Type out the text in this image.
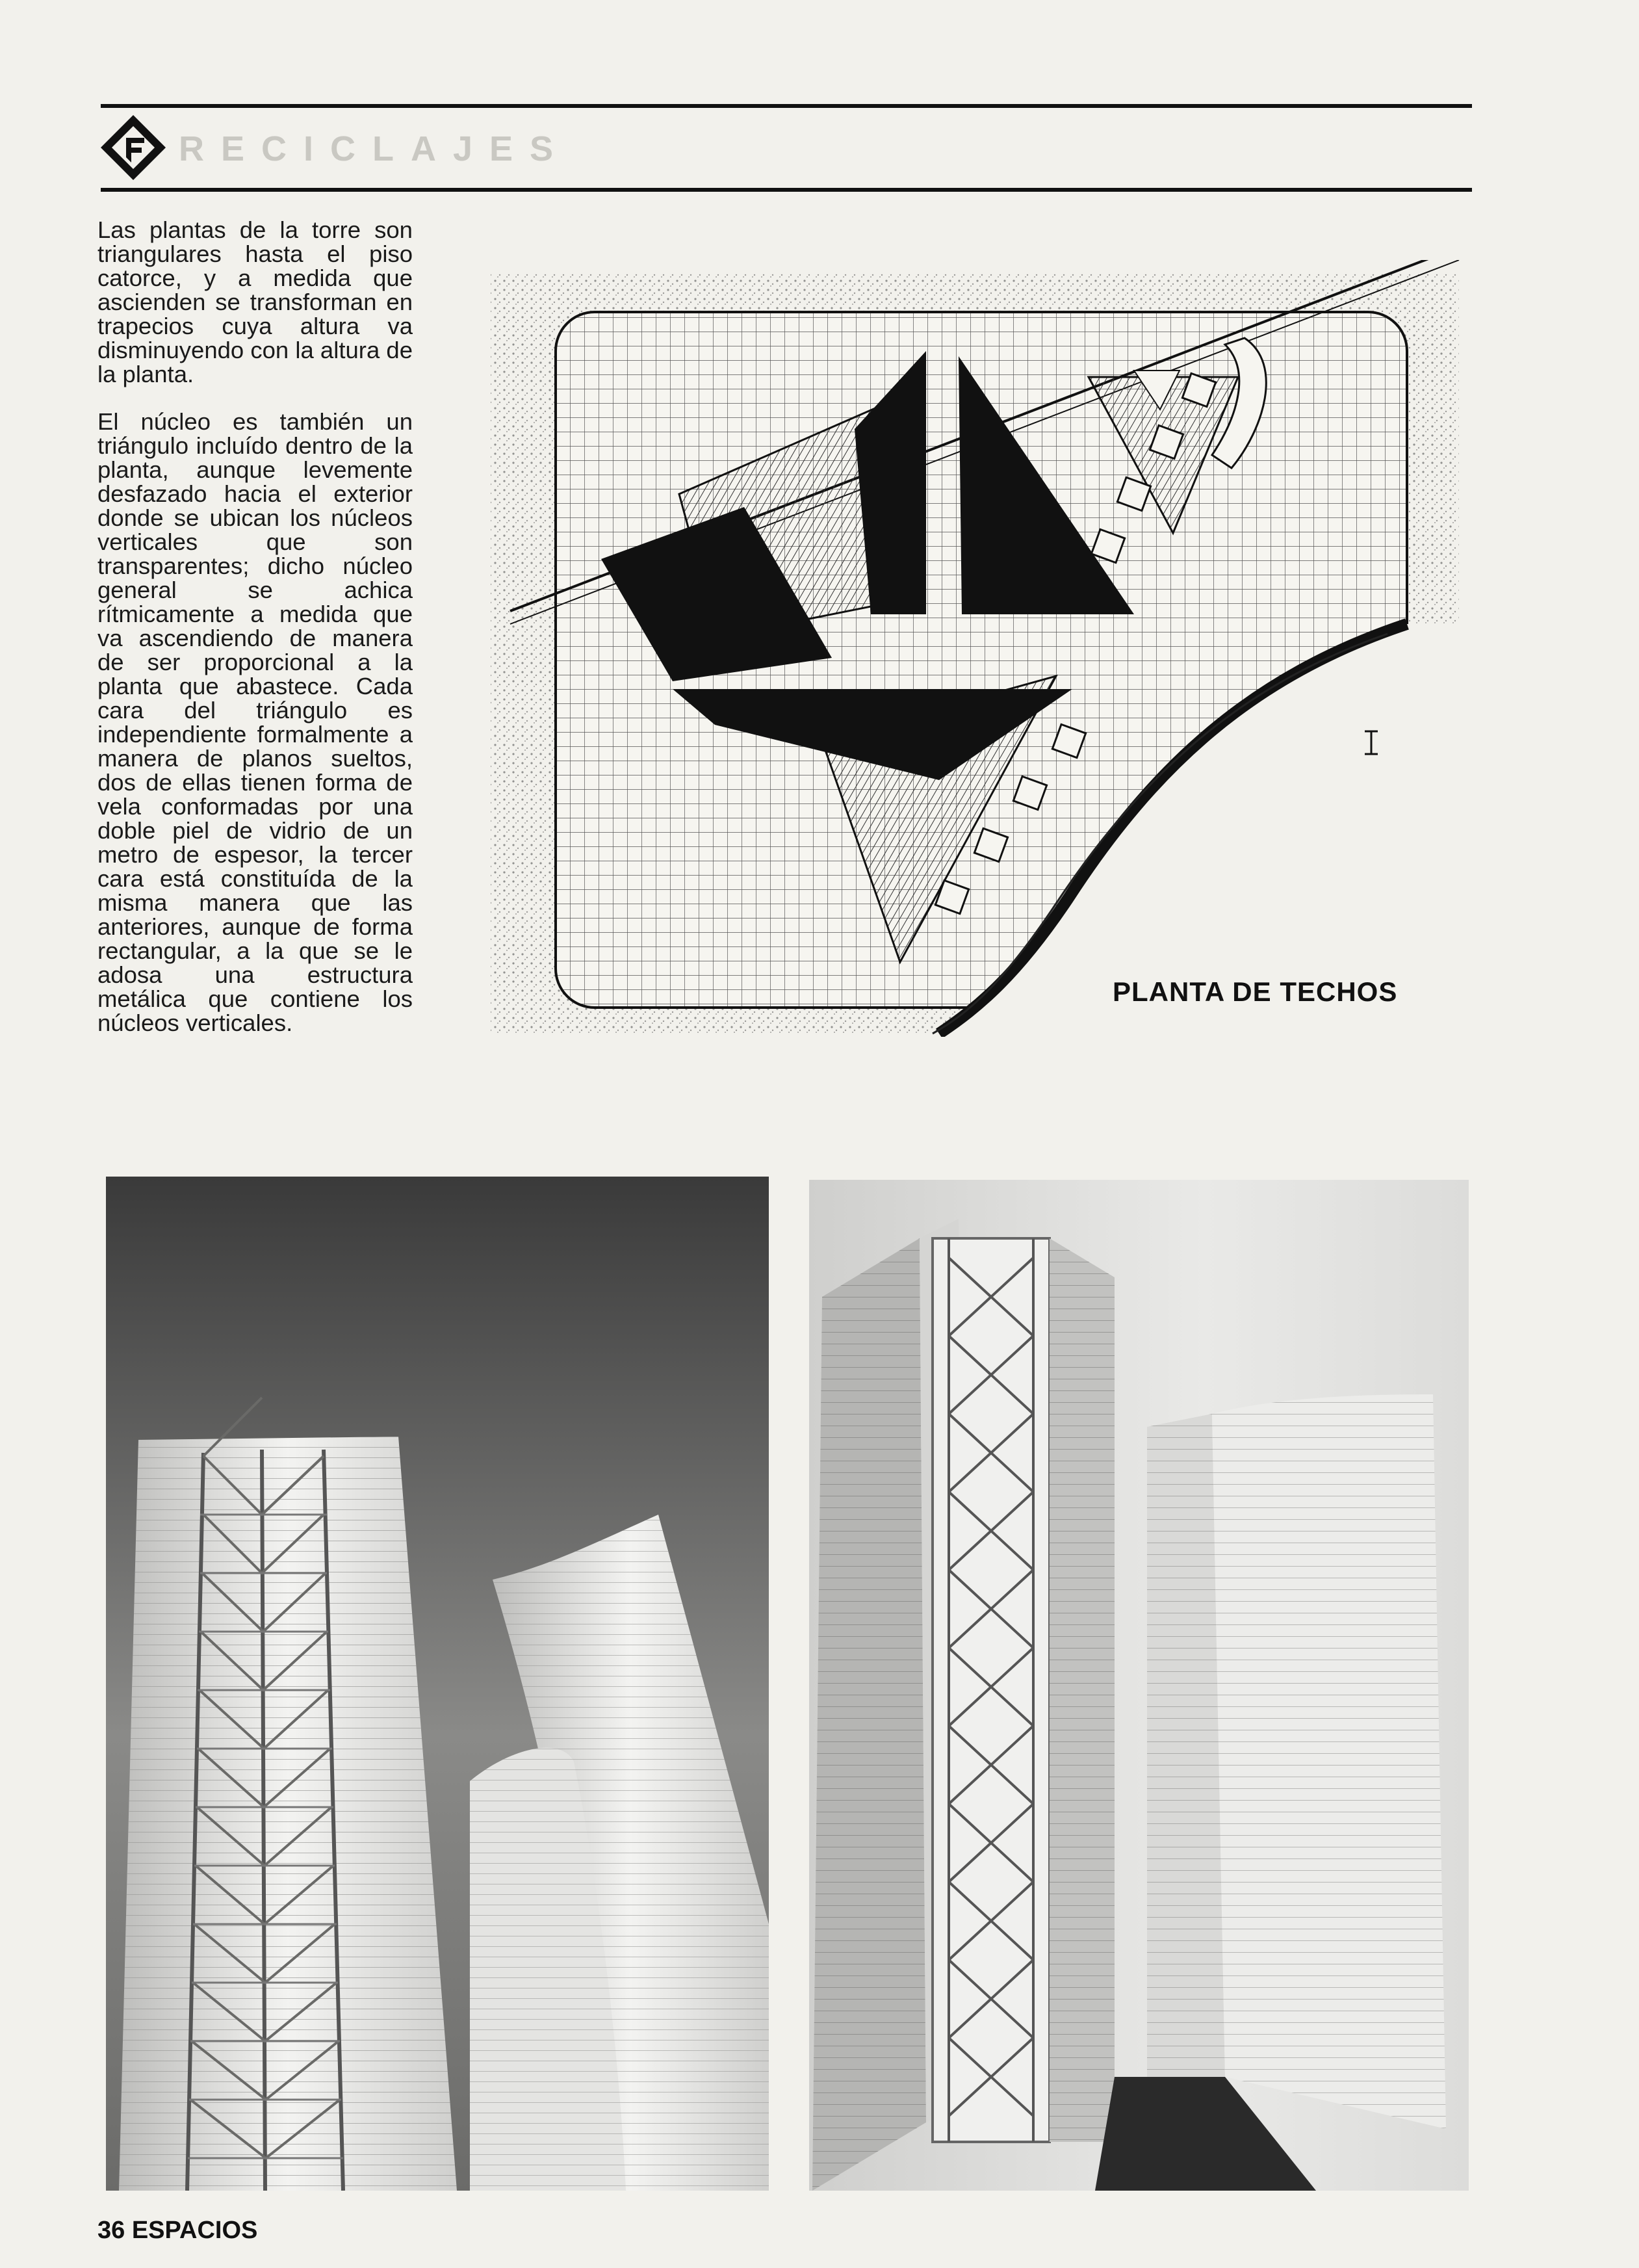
RECICLAJES

Las plantas de la torre son triangulares hasta el piso catorce, y a medida que ascienden se transforman en trapecios cuya altura va disminuyendo con la altura de la planta.

El núcleo es también un triángulo incluído dentro de la planta, aunque levemente desfazado hacia el exterior donde se ubican los núcleos verticales que son transparentes; dicho núcleo general se achica rítmicamente a medida que va ascendiendo de manera de ser proporcional a la planta que abastece. Cada cara del triángulo es independiente formalmente a manera de planos sueltos, dos de ellas tienen forma de vela conformadas por una doble piel de vidrio de un metro de espesor, la tercer cara está constituída de la misma manera que las anteriores, aunque de forma rectangular, a la que se le adosa una estructura metálica que contiene los núcleos verticales.

PLANTA DE TECHOS
36 ESPACIOS
